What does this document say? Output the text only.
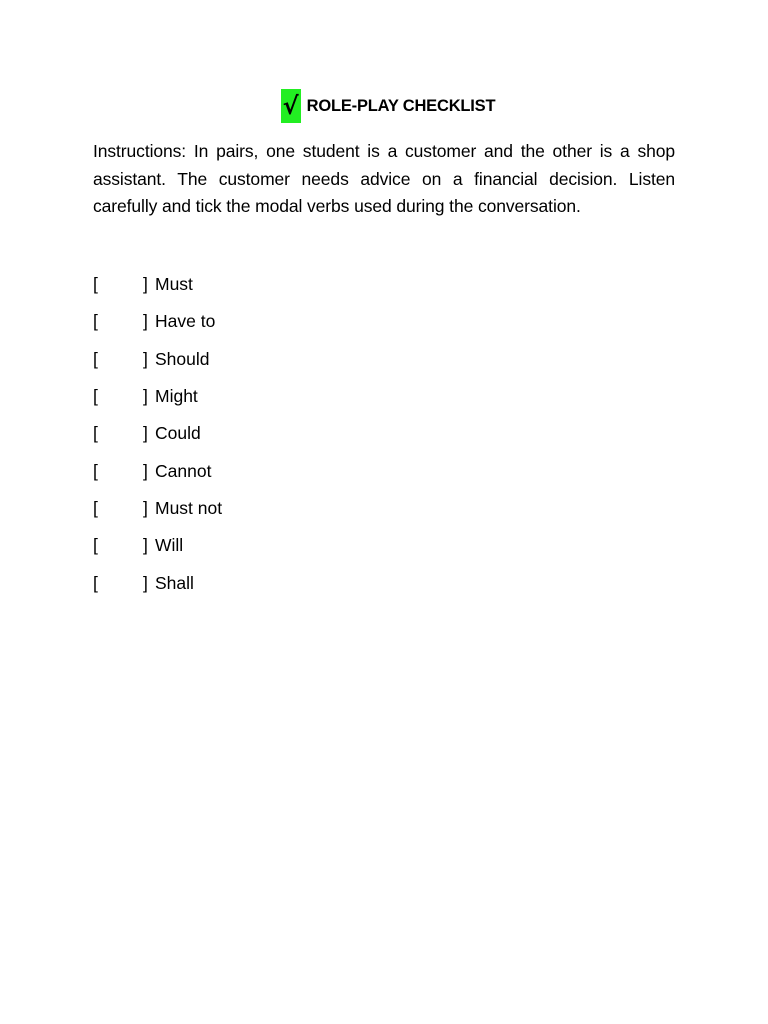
√ ROLE-PLAY CHECKLIST

Instructions: In pairs, one student is a customer and the other is a shop assistant. The customer needs advice on a financial decision. Listen carefully and tick the modal verbs used during the conversation.

[	] Must
[	] Have to
[	] Should
[	] Might
[	] Could
[	] Cannot
[	] Must not
[	] Will
[	] Shall
